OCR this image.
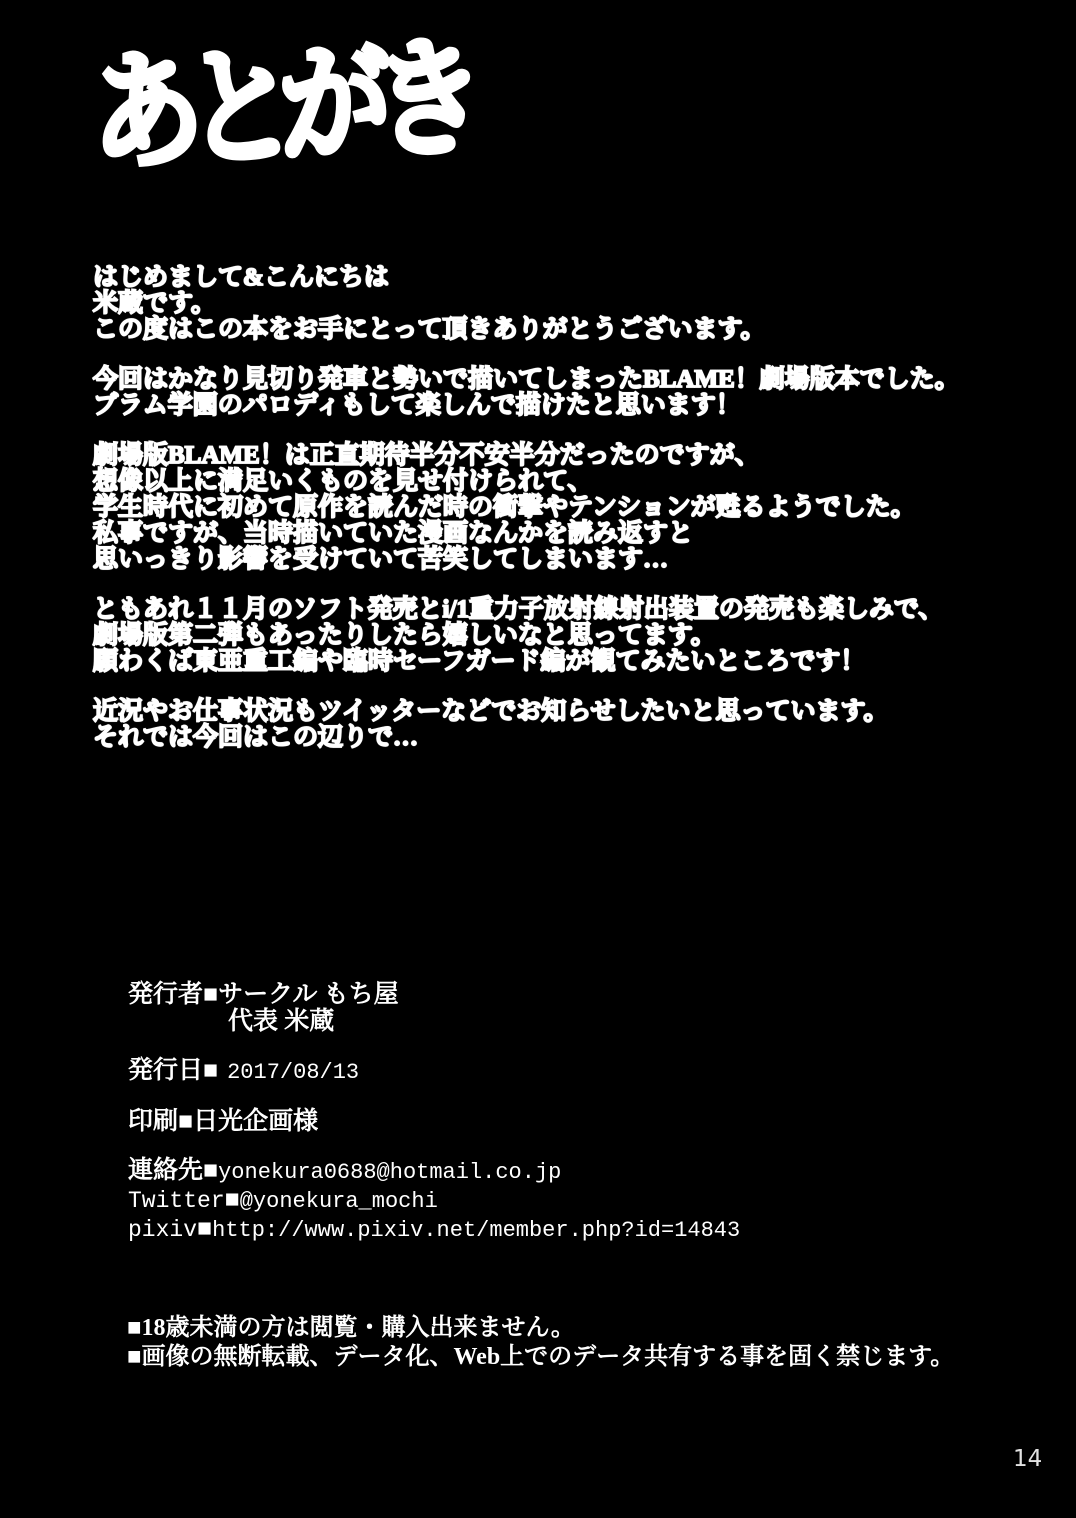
あとがき

はじめまして&こんにちは
米蔵です。
この度はこの本をお手にとって頂きありがとうございます。

今回はかなり見切り発車と勢いで描いてしまったBLAME！劇場版本でした。
ブラム学園のパロディもして楽しんで描けたと思います！

劇場版BLAME！は正直期待半分不安半分だったのですが、
想像以上に満足いくものを見せ付けられて、
学生時代に初めて原作を読んだ時の衝撃やテンションが甦るようでした。
私事ですが、当時描いていた漫画なんかを読み返すと
思いっきり影響を受けていて苦笑してしまいます…

ともあれ１１月のソフト発売とi/1重力子放射線射出装置の発売も楽しみで、
劇場版第二弾もあったりしたら嬉しいなと思ってます。
願わくば東亜重工編や臨時セーフガード編が観てみたいところです！

近況やお仕事状況もツイッターなどでお知らせしたいと思っています。
それでは今回はこの辺りで…

発行者■サークル もち屋
代表 米蔵
発行日■ 2017/08/13
印刷■日光企画様
連絡先■yonekura0688@hotmail.co.jp
Twitter■@yonekura_mochi
pixiv■http://www.pixiv.net/member.php?id=14843
■18歳未満の方は閲覧・購入出来ません。
■画像の無断転載、データ化、Web上でのデータ共有する事を固く禁じます。
14
